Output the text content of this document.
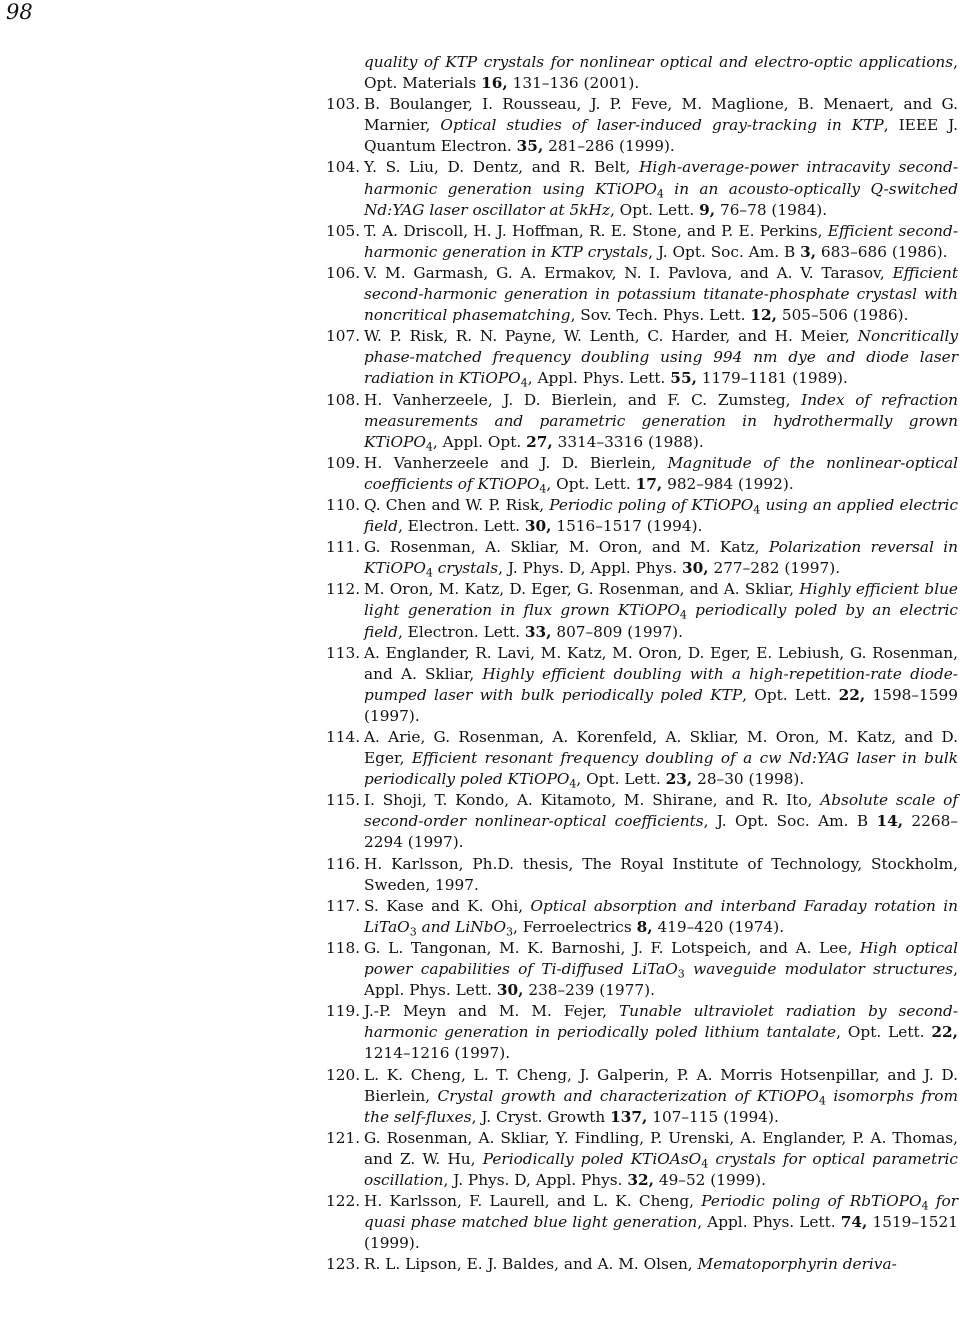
98
quality of KTP crystals for nonlinear optical and electro-optic applications, Opt. Materials 16, 131–136 (2001).
103. B. Boulanger, I. Rousseau, J. P. Feve, M. Maglione, B. Menaert, and G. Marnier, Optical studies of laser-induced gray-tracking in KTP, IEEE J. Quantum Electron. 35, 281–286 (1999).
104. Y. S. Liu, D. Dentz, and R. Belt, High-average-power intracavity second-harmonic generation using KTiOPO$_4$ in an acousto-optically Q-switched Nd:YAG laser oscillator at 5kHz, Opt. Lett. 9, 76–78 (1984).
105. T. A. Driscoll, H. J. Hoffman, R. E. Stone, and P. E. Perkins, Efficient second-harmonic generation in KTP crystals, J. Opt. Soc. Am. B 3, 683–686 (1986).
106. V. M. Garmash, G. A. Ermakov, N. I. Pavlova, and A. V. Tarasov, Efficient second-harmonic generation in potassium titanate-phosphate crystasl with noncritical phasematching, Sov. Tech. Phys. Lett. 12, 505–506 (1986).
107. W. P. Risk, R. N. Payne, W. Lenth, C. Harder, and H. Meier, Noncritically phase-matched frequency doubling using 994 nm dye and diode laser radiation in KTiOPO$_4$, Appl. Phys. Lett. 55, 1179–1181 (1989).
108. H. Vanherzeele, J. D. Bierlein, and F. C. Zumsteg, Index of refraction measurements and parametric generation in hydrothermally grown KTiOPO$_4$, Appl. Opt. 27, 3314–3316 (1988).
109. H. Vanherzeele and J. D. Bierlein, Magnitude of the nonlinear-optical coefficients of KTiOPO$_4$, Opt. Lett. 17, 982–984 (1992).
110. Q. Chen and W. P. Risk, Periodic poling of KTiOPO$_4$ using an applied electric field, Electron. Lett. 30, 1516–1517 (1994).
111. G. Rosenman, A. Skliar, M. Oron, and M. Katz, Polarization reversal in KTiOPO$_4$ crystals, J. Phys. D, Appl. Phys. 30, 277–282 (1997).
112. M. Oron, M. Katz, D. Eger, G. Rosenman, and A. Skliar, Highly efficient blue light generation in flux grown KTiOPO$_4$ periodically poled by an electric field, Electron. Lett. 33, 807–809 (1997).
113. A. Englander, R. Lavi, M. Katz, M. Oron, D. Eger, E. Lebiush, G. Rosenman, and A. Skliar, Highly efficient doubling with a high-repetition-rate diode-pumped laser with bulk periodically poled KTP, Opt. Lett. 22, 1598–1599 (1997).
114. A. Arie, G. Rosenman, A. Korenfeld, A. Skliar, M. Oron, M. Katz, and D. Eger, Efficient resonant frequency doubling of a cw Nd:YAG laser in bulk periodically poled KTiOPO$_4$, Opt. Lett. 23, 28–30 (1998).
115. I. Shoji, T. Kondo, A. Kitamoto, M. Shirane, and R. Ito, Absolute scale of second-order nonlinear-optical coefficients, J. Opt. Soc. Am. B 14, 2268–2294 (1997).
116. H. Karlsson, Ph.D. thesis, The Royal Institute of Technology, Stockholm, Sweden, 1997.
117. S. Kase and K. Ohi, Optical absorption and interband Faraday rotation in LiTaO$_3$ and LiNbO$_3$, Ferroelectrics 8, 419–420 (1974).
118. G. L. Tangonan, M. K. Barnoshi, J. F. Lotspeich, and A. Lee, High optical power capabilities of Ti-diffused LiTaO$_3$ waveguide modulator structures, Appl. Phys. Lett. 30, 238–239 (1977).
119. J.-P. Meyn and M. M. Fejer, Tunable ultraviolet radiation by second-harmonic generation in periodically poled lithium tantalate, Opt. Lett. 22, 1214–1216 (1997).
120. L. K. Cheng, L. T. Cheng, J. Galperin, P. A. Morris Hotsenpillar, and J. D. Bierlein, Crystal growth and characterization of KTiOPO$_4$ isomorphs from the self-fluxes, J. Cryst. Growth 137, 107–115 (1994).
121. G. Rosenman, A. Skliar, Y. Findling, P. Urenski, A. Englander, P. A. Thomas, and Z. W. Hu, Periodically poled KTiOAsO$_4$ crystals for optical parametric oscillation, J. Phys. D, Appl. Phys. 32, 49–52 (1999).
122. H. Karlsson, F. Laurell, and L. K. Cheng, Periodic poling of RbTiOPO$_4$ for quasi phase matched blue light generation, Appl. Phys. Lett. 74, 1519–1521 (1999).
123. R. L. Lipson, E. J. Baldes, and A. M. Olsen, Mematoporphyrin deriva-
